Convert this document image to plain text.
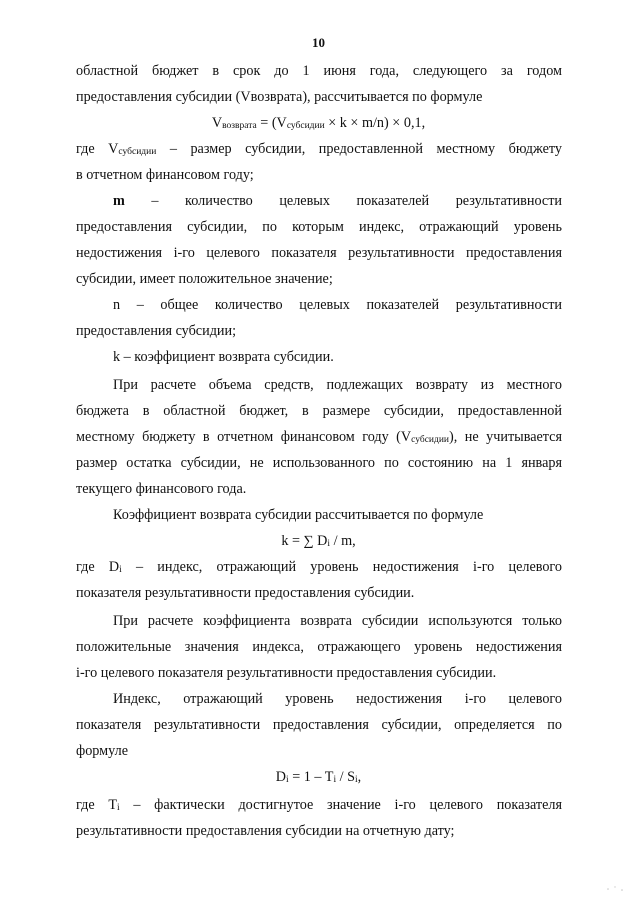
10
областной бюджет в срок до 1 июня года, следующего за годом
предоставления субсидии (Vвозврата), рассчитывается по формуле
$V_{возврата} = (V_{субсидии} \times k \times m/n) \times 0,1$,
где $V_{субсидии}$ – размер субсидии, предоставленной местному бюджету
в отчетном финансовом году;
m – количество целевых показателей результативности
предоставления субсидии, по которым индекс, отражающий уровень
недостижения i-го целевого показателя результативности предоставления
субсидии, имеет положительное значение;
n – общее количество целевых показателей результативности
предоставления субсидии;
k – коэффициент возврата субсидии.
При расчете объема средств, подлежащих возврату из местного
бюджета в областной бюджет, в размере субсидии, предоставленной
местному бюджету в отчетном финансовом году $(V_{субсидии})$, не учитывается
размер остатка субсидии, не использованного по состоянию на 1 января
текущего финансового года.
Коэффициент возврата субсидии рассчитывается по формуле
k = ∑ $D_i$ / m,
где $D_i$ – индекс, отражающий уровень недостижения i-го целевого
показателя результативности предоставления субсидии.
При расчете коэффициента возврата субсидии используются только
положительные значения индекса, отражающего уровень недостижения
i-го целевого показателя результативности предоставления субсидии.
Индекс, отражающий уровень недостижения i-го целевого
показателя результативности предоставления субсидии, определяется по
формуле
$D_i = 1 - T_i / S_i$,
где $T_i$ – фактически достигнутое значение i-го целевого показателя
результативности предоставления субсидии на отчетную дату;
